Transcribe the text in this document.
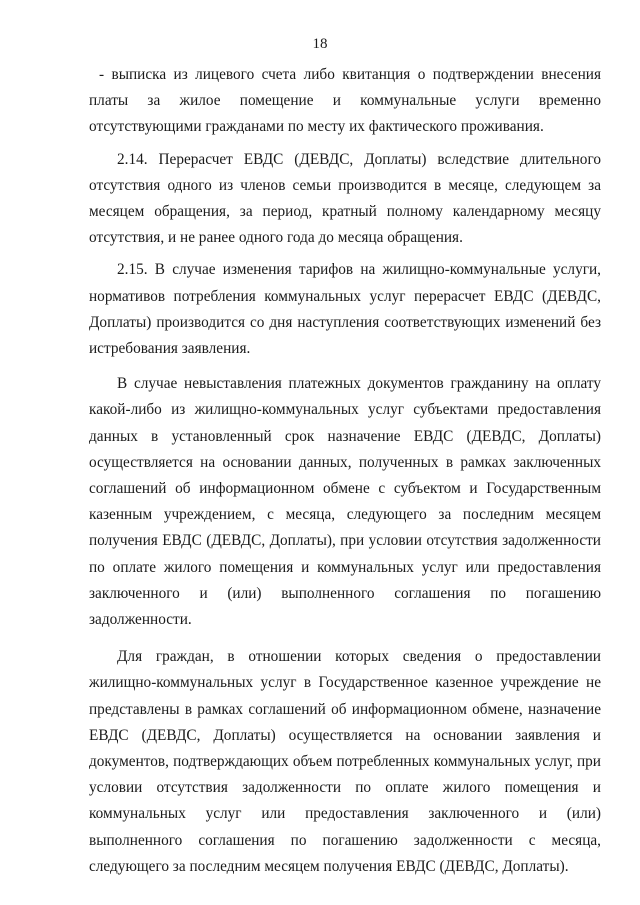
18

- выписка из лицевого счета либо квитанция о подтверждении внесения платы за жилое помещение и коммунальные услуги временно отсутствующими гражданами по месту их фактического проживания.

2.14. Перерасчет ЕВДС (ДЕВДС, Доплаты) вследствие длительного отсутствия одного из членов семьи производится в месяце, следующем за месяцем обращения, за период, кратный полному календарному месяцу отсутствия, и не ранее одного года до месяца обращения.

2.15. В случае изменения тарифов на жилищно-коммунальные услуги, нормативов потребления коммунальных услуг перерасчет ЕВДС (ДЕВДС, Доплаты) производится со дня наступления соответствующих изменений без истребования заявления.

В случае невыставления платежных документов гражданину на оплату какой-либо из жилищно-коммунальных услуг субъектами предоставления данных в установленный срок назначение ЕВДС (ДЕВДС, Доплаты) осуществляется на основании данных, полученных в рамках заключенных соглашений об информационном обмене с субъектом и Государственным казенным учреждением, с месяца, следующего за последним месяцем получения ЕВДС (ДЕВДС, Доплаты), при условии отсутствия задолженности по оплате жилого помещения и коммунальных услуг или предоставления заключенного и (или) выполненного соглашения по погашению задолженности.

Для граждан, в отношении которых сведения о предоставлении жилищно-коммунальных услуг в Государственное казенное учреждение не представлены в рамках соглашений об информационном обмене, назначение ЕВДС (ДЕВДС, Доплаты) осуществляется на основании заявления и документов, подтверждающих объем потребленных коммунальных услуг, при условии отсутствия задолженности по оплате жилого помещения и коммунальных услуг или предоставления заключенного и (или) выполненного соглашения по погашению задолженности с месяца, следующего за последним месяцем получения ЕВДС (ДЕВДС, Доплаты).
